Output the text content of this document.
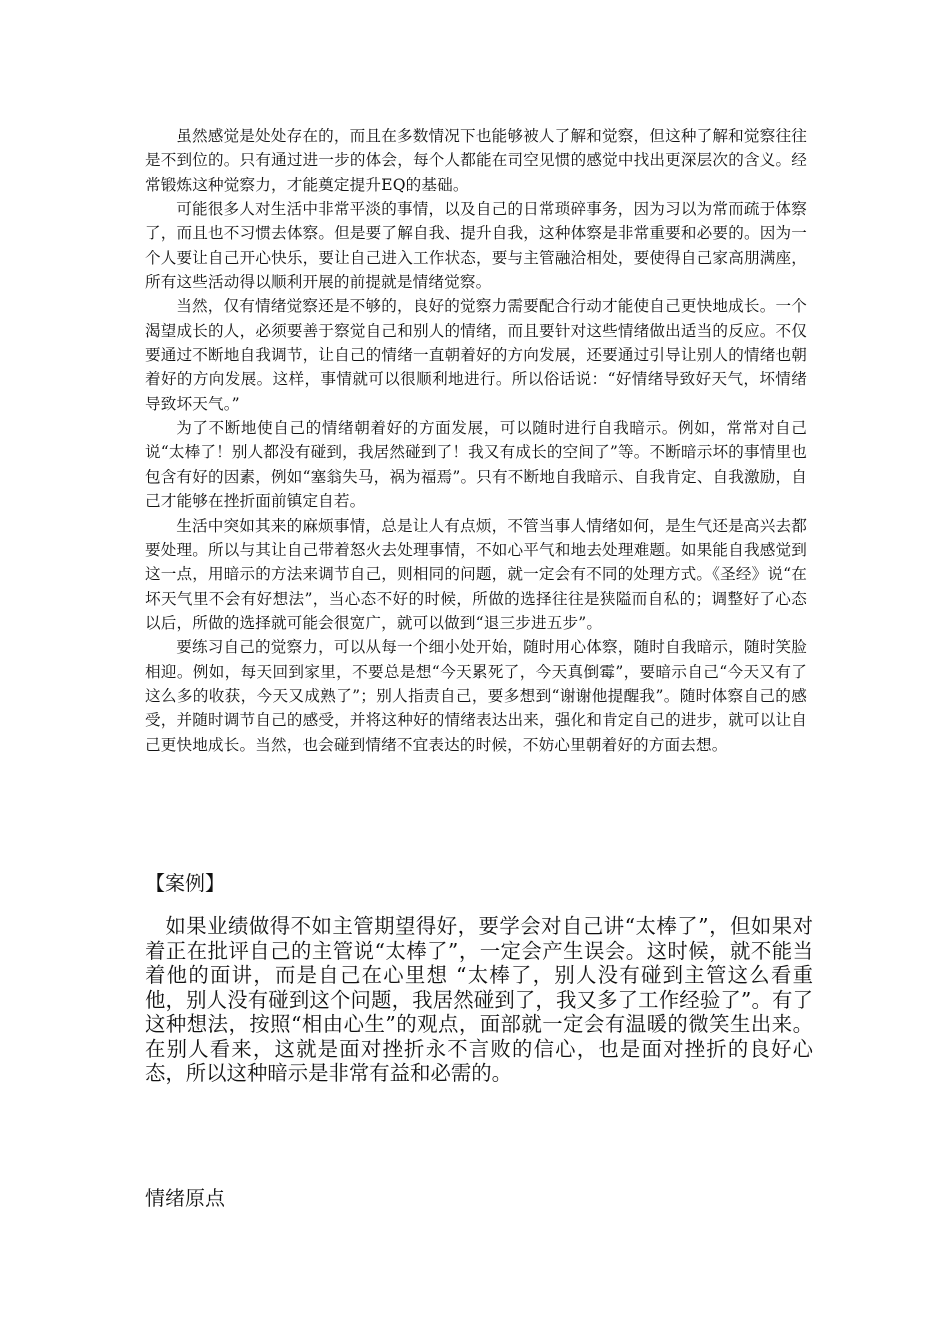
虽然感觉是处处存在的，而且在多数情况下也能够被人了解和觉察，但这种了解和觉察往往是不到位的。只有通过进一步的体会，每个人都能在司空见惯的感觉中找出更深层次的含义。经常锻炼这种觉察力，才能奠定提升EQ的基础。

可能很多人对生活中非常平淡的事情，以及自己的日常琐碎事务，因为习以为常而疏于体察了，而且也不习惯去体察。但是要了解自我、提升自我，这种体察是非常重要和必要的。因为一个人要让自己开心快乐，要让自己进入工作状态，要与主管融洽相处，要使得自己家高朋满座，所有这些活动得以顺利开展的前提就是情绪觉察。

当然，仅有情绪觉察还是不够的，良好的觉察力需要配合行动才能使自己更快地成长。一个渴望成长的人，必须要善于察觉自己和别人的情绪，而且要针对这些情绪做出适当的反应。不仅要通过不断地自我调节，让自己的情绪一直朝着好的方向发展，还要通过引导让别人的情绪也朝着好的方向发展。这样，事情就可以很顺利地进行。所以俗话说：“好情绪导致好天气，坏情绪导致坏天气。”

为了不断地使自己的情绪朝着好的方面发展，可以随时进行自我暗示。例如，常常对自己说“太棒了！别人都没有碰到，我居然碰到了！我又有成长的空间了”等。不断暗示坏的事情里也包含有好的因素，例如“塞翁失马，祸为福焉”。只有不断地自我暗示、自我肯定、自我激励，自己才能够在挫折面前镇定自若。

生活中突如其来的麻烦事情，总是让人有点烦，不管当事人情绪如何，是生气还是高兴去都要处理。所以与其让自己带着怒火去处理事情，不如心平气和地去处理难题。如果能自我感觉到这一点，用暗示的方法来调节自己，则相同的问题，就一定会有不同的处理方式。《圣经》说“在坏天气里不会有好想法”，当心态不好的时候，所做的选择往往是狭隘而自私的；调整好了心态以后，所做的选择就可能会很宽广，就可以做到“退三步进五步”。

要练习自己的觉察力，可以从每一个细小处开始，随时用心体察，随时自我暗示，随时笑脸相迎。例如，每天回到家里，不要总是想“今天累死了，今天真倒霉”，要暗示自己“今天又有了这么多的收获，今天又成熟了”；别人指责自己，要多想到“谢谢他提醒我”。随时体察自己的感受，并随时调节自己的感受，并将这种好的情绪表达出来，强化和肯定自己的进步，就可以让自己更快地成长。当然，也会碰到情绪不宜表达的时候，不妨心里朝着好的方面去想。

【案例】

如果业绩做得不如主管期望得好，要学会对自己讲“太棒了”，但如果对着正在批评自己的主管说“太棒了”，一定会产生误会。这时候，就不能当着他的面讲，而是自己在心里想 “太棒了，别人没有碰到主管这么看重他，别人没有碰到这个问题，我居然碰到了，我又多了工作经验了”。有了这种想法，按照“相由心生”的观点，面部就一定会有温暖的微笑生出来。在别人看来，这就是面对挫折永不言败的信心，也是面对挫折的良好心态，所以这种暗示是非常有益和必需的。

情绪原点
